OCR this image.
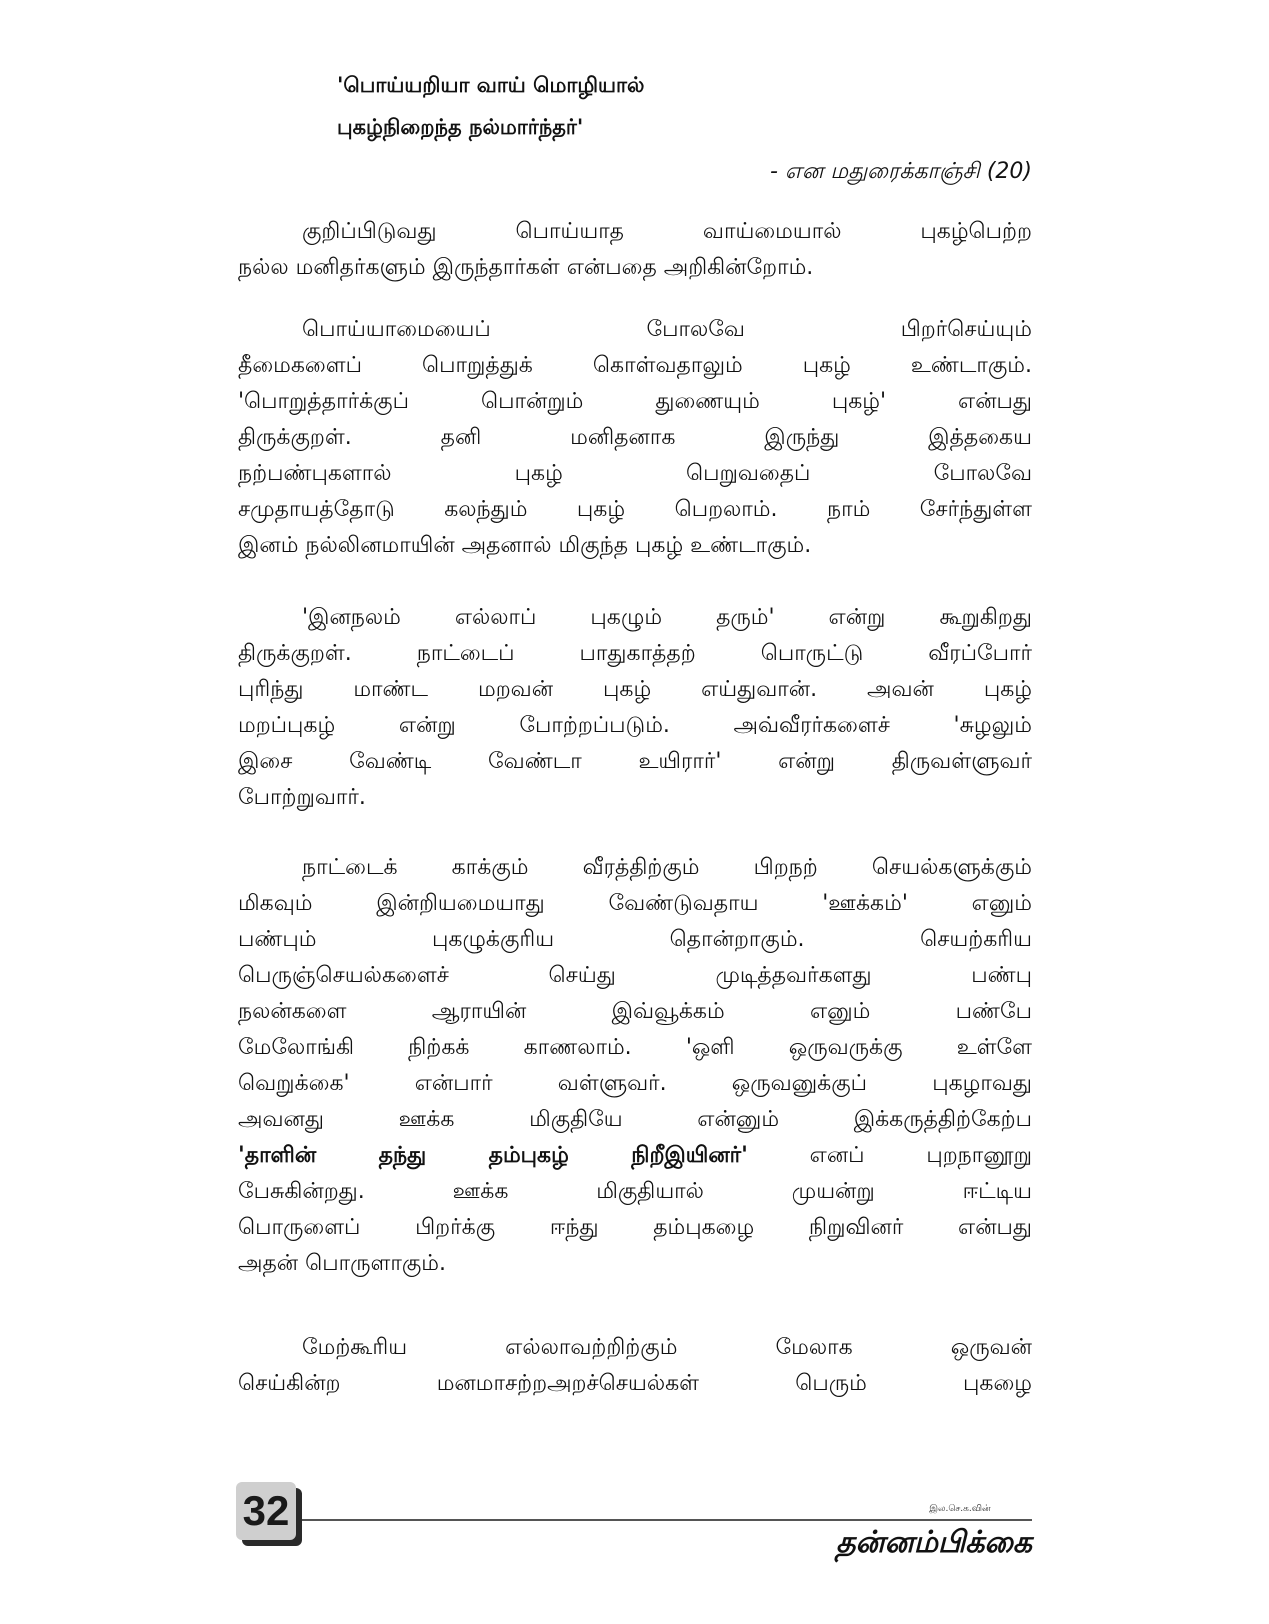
'பொய்யறியா வாய் மொழியால்
புகழ்நிறைந்த நல்மார்ந்தர்'
- என மதுரைக்காஞ்சி (20)
குறிப்பிடுவது பொய்யாத வாய்மையால் புகழ்பெற்ற
நல்ல மனிதர்களும் இருந்தார்கள் என்பதை அறிகின்றோம்.
பொய்யாமையைப் போலவே பிறர்செய்யும்
தீமைகளைப் பொறுத்துக் கொள்வதாலும் புகழ் உண்டாகும்.
'பொறுத்தார்க்குப் பொன்றும் துணையும் புகழ்' என்பது
திருக்குறள். தனி மனிதனாக இருந்து இத்தகைய
நற்பண்புகளால் புகழ் பெறுவதைப் போலவே
சமுதாயத்தோடு கலந்தும் புகழ் பெறலாம். நாம் சேர்ந்துள்ள
இனம் நல்லினமாயின் அதனால் மிகுந்த புகழ் உண்டாகும்.
'இனநலம் எல்லாப் புகழும் தரும்' என்று கூறுகிறது
திருக்குறள். நாட்டைப் பாதுகாத்தற் பொருட்டு வீரப்போர்
புரிந்து மாண்ட மறவன் புகழ் எய்துவான். அவன் புகழ்
மறப்புகழ் என்று போற்றப்படும். அவ்வீரர்களைச் 'சுழலும்
இசை வேண்டி வேண்டா உயிரார்' என்று திருவள்ளுவர்
போற்றுவார்.
நாட்டைக் காக்கும் வீரத்திற்கும் பிறநற் செயல்களுக்கும்
மிகவும் இன்றியமையாது வேண்டுவதாய 'ஊக்கம்' எனும்
பண்பும் புகழுக்குரிய தொன்றாகும். செயற்கரிய
பெருஞ்செயல்களைச் செய்து முடித்தவர்களது பண்பு
நலன்களை ஆராயின் இவ்வூக்கம் எனும் பண்பே
மேலோங்கி நிற்கக் காணலாம். 'ஒளி ஒருவருக்கு உள்ளே
வெறுக்கை' என்பார் வள்ளுவர். ஒருவனுக்குப் புகழாவது
அவனது ஊக்க மிகுதியே என்னும் இக்கருத்திற்கேற்ப
'தாளின் தந்து தம்புகழ் நிறீஇயினர்' எனப் புறநானூறு
பேசுகின்றது. ஊக்க மிகுதியால் முயன்று ஈட்டிய
பொருளைப் பிறர்க்கு ஈந்து தம்புகழை நிறுவினர் என்பது
அதன் பொருளாகும்.
மேற்கூரிய எல்லாவற்றிற்கும் மேலாக ஒருவன்
செய்கின்ற மனமாசற்றஅறச்செயல்கள் பெரும் புகழை
32	இல.செ.க.வின்
தன்னம்பிக்கை
